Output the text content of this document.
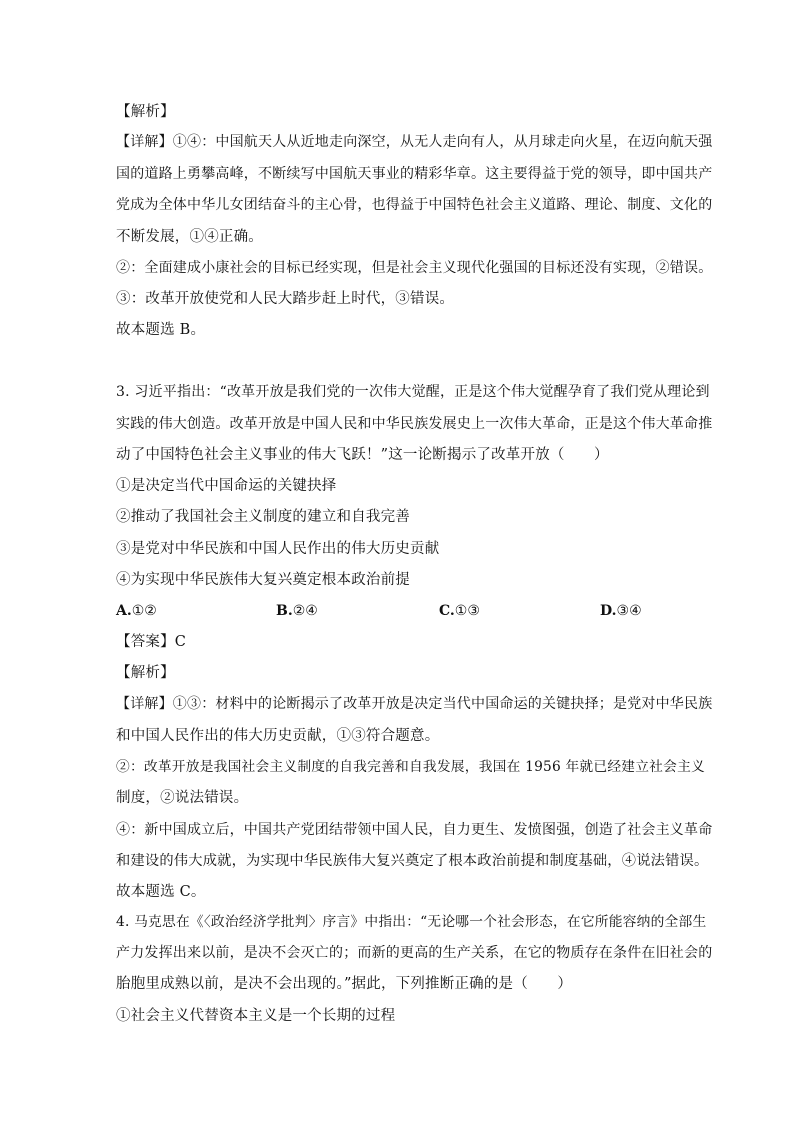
【解析】
【详解】①④：中国航天人从近地走向深空，从无人走向有人，从月球走向火星，在迈向航天强
国的道路上勇攀高峰，不断续写中国航天事业的精彩华章。这主要得益于党的领导，即中国共产
党成为全体中华儿女团结奋斗的主心骨，也得益于中国特色社会主义道路、理论、制度、文化的
不断发展，①④正确。
②：全面建成小康社会的目标已经实现，但是社会主义现代化强国的目标还没有实现，②错误。
③：改革开放使党和人民大踏步赶上时代，③错误。
故本题选 B。
3. 习近平指出：“改革开放是我们党的一次伟大觉醒，正是这个伟大觉醒孕育了我们党从理论到
实践的伟大创造。改革开放是中国人民和中华民族发展史上一次伟大革命，正是这个伟大革命推
动了中国特色社会主义事业的伟大飞跃！”这一论断揭示了改革开放（　　）
①是决定当代中国命运的关键抉择
②推动了我国社会主义制度的建立和自我完善
③是党对中华民族和中国人民作出的伟大历史贡献
④为实现中华民族伟大复兴奠定根本政治前提
A.①②	B.②④	C.①③	D.③④
【答案】C
【解析】
【详解】①③：材料中的论断揭示了改革开放是决定当代中国命运的关键抉择；是党对中华民族
和中国人民作出的伟大历史贡献，①③符合题意。
②：改革开放是我国社会主义制度的自我完善和自我发展，我国在 1956 年就已经建立社会主义
制度，②说法错误。
④：新中国成立后，中国共产党团结带领中国人民，自力更生、发愤图强，创造了社会主义革命
和建设的伟大成就，为实现中华民族伟大复兴奠定了根本政治前提和制度基础，④说法错误。
故本题选 C。
4. 马克思在《〈政治经济学批判〉序言》中指出：“无论哪一个社会形态，在它所能容纳的全部生
产力发挥出来以前，是决不会灭亡的；而新的更高的生产关系，在它的物质存在条件在旧社会的
胎胞里成熟以前，是决不会出现的。”据此，下列推断正确的是（　　）
①社会主义代替资本主义是一个长期的过程
